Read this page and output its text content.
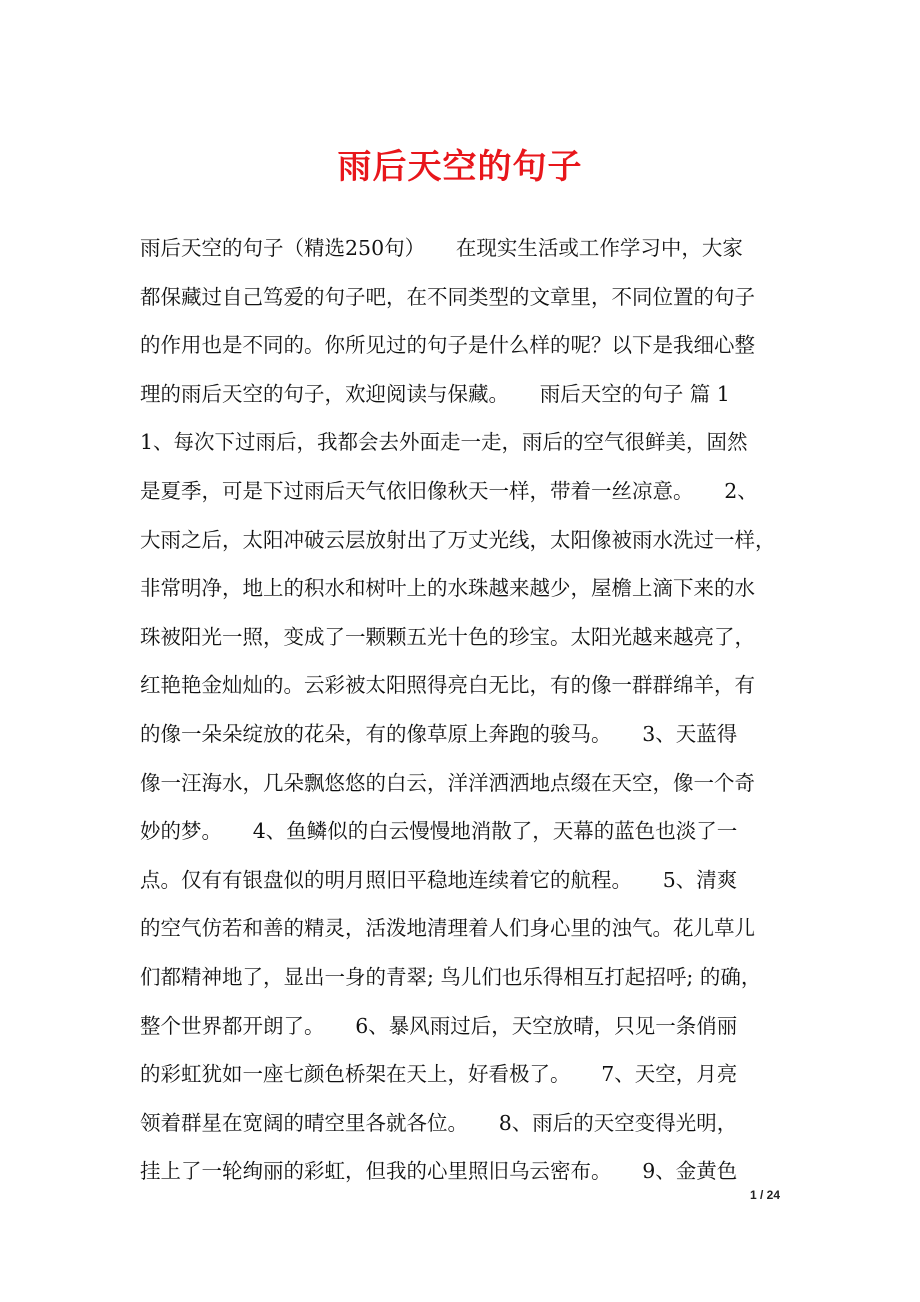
雨后天空的句子
雨后天空的句子（精选250句）　　在现实生活或工作学习中，大家
都保藏过自己笃爱的句子吧，在不同类型的文章里，不同位置的句子
的作用也是不同的。你所见过的句子是什么样的呢？以下是我细心整
理的雨后天空的句子，欢迎阅读与保藏。　　雨后天空的句子 篇 1
1、每次下过雨后，我都会去外面走一走，雨后的空气很鲜美，固然
是夏季，可是下过雨后天气依旧像秋天一样，带着一丝凉意。　　2、
大雨之后，太阳冲破云层放射出了万丈光线，太阳像被雨水洗过一样，
非常明净，地上的积水和树叶上的水珠越来越少，屋檐上滴下来的水
珠被阳光一照，变成了一颗颗五光十色的珍宝。太阳光越来越亮了，
红艳艳金灿灿的。云彩被太阳照得亮白无比，有的像一群群绵羊，有
的像一朵朵绽放的花朵，有的像草原上奔跑的骏马。　　3、天蓝得
像一汪海水，几朵飘悠悠的白云，洋洋洒洒地点缀在天空，像一个奇
妙的梦。　　4、鱼鳞似的白云慢慢地消散了，天幕的蓝色也淡了一
点。仅有有银盘似的明月照旧平稳地连续着它的航程。　　5、清爽
的空气仿若和善的精灵，活泼地清理着人们身心里的浊气。花儿草儿
们都精神地了，显出一身的青翠; 鸟儿们也乐得相互打起招呼; 的确，
整个世界都开朗了。　　6、暴风雨过后，天空放晴，只见一条俏丽
的彩虹犹如一座七颜色桥架在天上，好看极了。　　7、天空，月亮
领着群星在宽阔的晴空里各就各位。　　8、雨后的天空变得光明，
挂上了一轮绚丽的彩虹，但我的心里照旧乌云密布。　　9、金黄色
1 / 24
